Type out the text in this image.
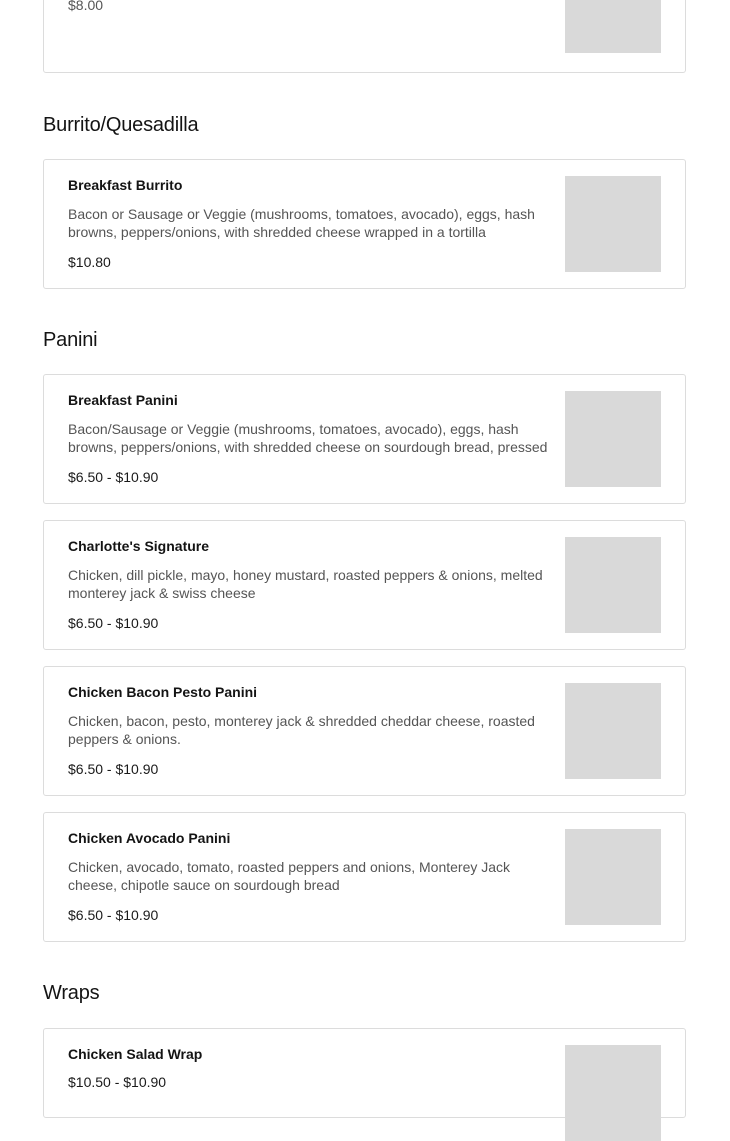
$8.00
Burrito/Quesadilla
Breakfast Burrito
Bacon or Sausage or Veggie (mushrooms, tomatoes, avocado), eggs, hash browns, peppers/onions, with shredded cheese wrapped in a tortilla
$10.80
Panini
Breakfast Panini
Bacon/Sausage or Veggie (mushrooms, tomatoes, avocado), eggs, hash browns, peppers/onions, with shredded cheese on sourdough bread, pressed
$6.50 - $10.90
Charlotte's Signature
Chicken, dill pickle, mayo, honey mustard, roasted peppers & onions, melted monterey jack & swiss cheese
$6.50 - $10.90
Chicken Bacon Pesto Panini
Chicken, bacon, pesto, monterey jack & shredded cheddar cheese, roasted peppers & onions.
$6.50 - $10.90
Chicken Avocado Panini
Chicken, avocado, tomato, roasted peppers and onions, Monterey Jack cheese, chipotle sauce on sourdough bread
$6.50 - $10.90
Wraps
Chicken Salad Wrap
$10.50 - $10.90
